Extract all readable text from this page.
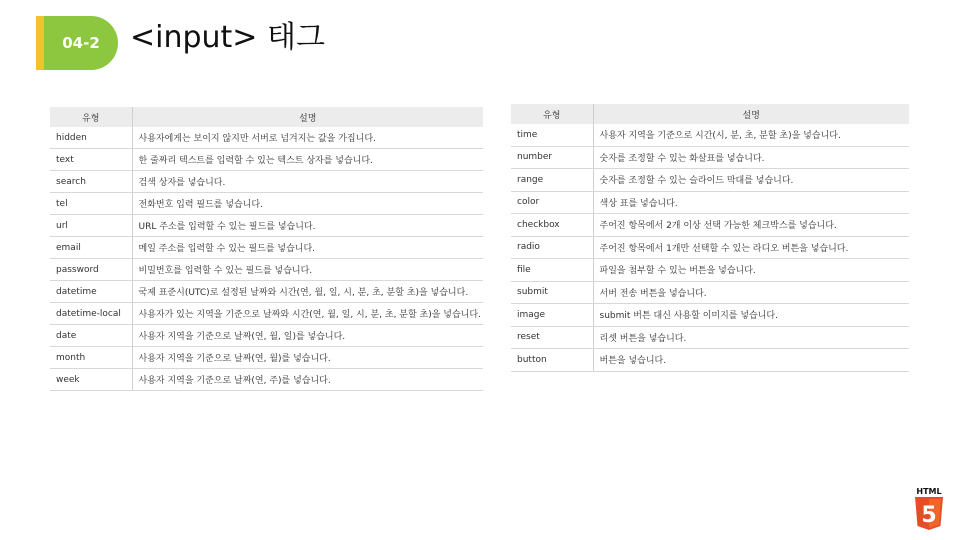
04-2	<input> 태그
유형	설명
hidden	사용자에게는 보이지 않지만 서버로 넘겨지는 값을 가집니다.
text	한 줄짜리 텍스트를 입력할 수 있는 텍스트 상자를 넣습니다.
search	검색 상자를 넣습니다.
tel	전화번호 입력 필드를 넣습니다.
url	URL 주소를 입력할 수 있는 필드를 넣습니다.
email	메일 주소를 입력할 수 있는 필드를 넣습니다.
password	비밀번호를 입력할 수 있는 필드를 넣습니다.
datetime	국제 표준시(UTC)로 설정된 날짜와 시간(연, 월, 일, 시, 분, 초, 분할 초)을 넣습니다.
datetime-local	사용자가 있는 지역을 기준으로 날짜와 시간(연, 월, 일, 시, 분, 초, 분할 초)을 넣습니다.
date	사용자 지역을 기준으로 날짜(연, 월, 일)를 넣습니다.
month	사용자 지역을 기준으로 날짜(연, 월)를 넣습니다.
week	사용자 지역을 기준으로 날짜(연, 주)를 넣습니다.
유형	설명
time	사용자 지역을 기준으로 시간(시, 분, 초, 분할 초)을 넣습니다.
number	숫자를 조정할 수 있는 화살표를 넣습니다.
range	숫자를 조정할 수 있는 슬라이드 막대를 넣습니다.
color	색상 표를 넣습니다.
checkbox	주어진 항목에서 2개 이상 선택 가능한 체크박스를 넣습니다.
radio	주어진 항목에서 1개만 선택할 수 있는 라디오 버튼을 넣습니다.
file	파일을 첨부할 수 있는 버튼을 넣습니다.
submit	서버 전송 버튼을 넣습니다.
image	submit 버튼 대신 사용할 이미지를 넣습니다.
reset	리셋 버튼을 넣습니다.
button	버튼을 넣습니다.
HTML
5
